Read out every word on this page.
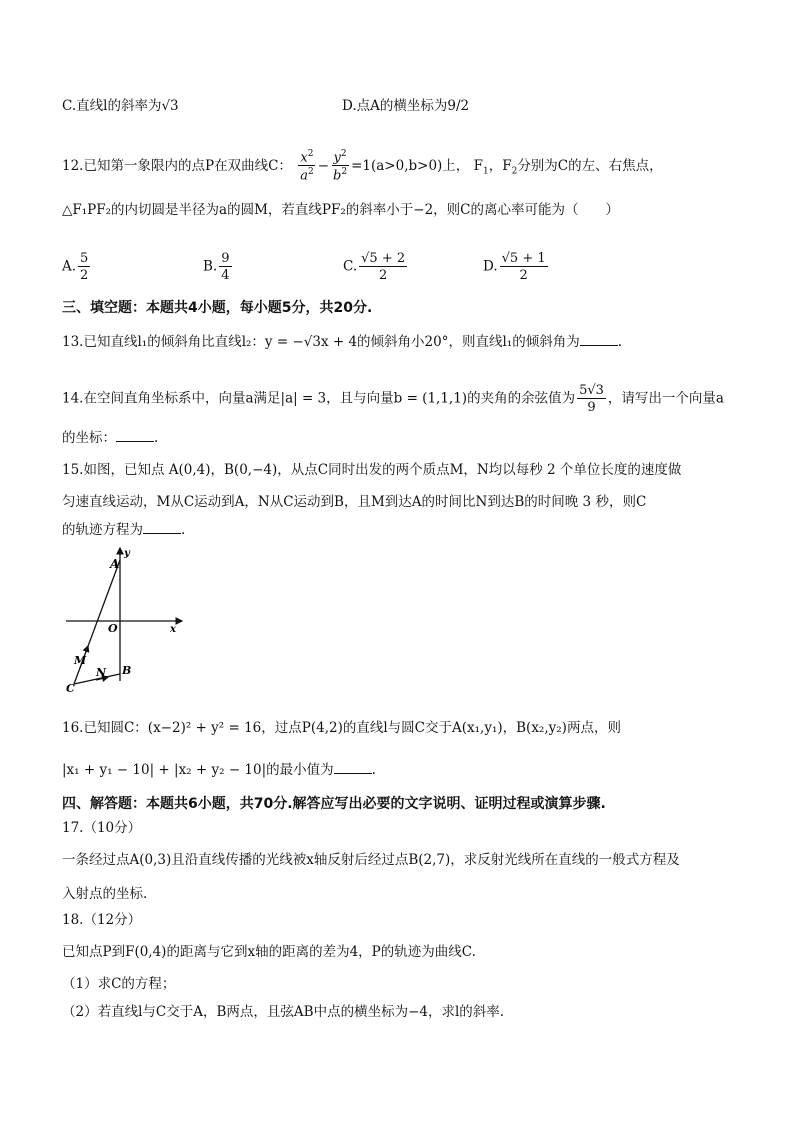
C.直线l的斜率为√3	D.点A的横坐标为9/2
12.已知第一象限内的点P在双曲线C： $\frac{x^2}{a^2} - \frac{y^2}{b^2} =1(a>0,b>0)$上， $F_1$，$F_2$分别为C的左、右焦点，
△F₁PF₂的内切圆是半径为a的圆M，若直线PF₂的斜率小于−2，则C的离心率可能为（　　）
A. $\frac{5}{2}$	B. $\frac{9}{4}$	C. $\frac{√5 + 2}{2}$	D. $\frac{√5 + 1}{2}$
三、填空题：本题共4小题，每小题5分，共20分.
13.已知直线l₁的倾斜角比直线l₂：y = −√3x + 4的倾斜角小20°，则直线l₁的倾斜角为	.
14.在空间直角坐标系中，向量a满足|a| = 3，且与向量b = (1,1,1)的夹角的余弦值为 $\frac{5√3}{9}$ ，请写出一个向量a
的坐标：	.
15.如图，已知点 A(0,4)，B(0,−4)，从点C同时出发的两个质点M，N均以每秒 2 个单位长度的速度做
匀速直线运动，M从C运动到A，N从C运动到B，且M到达A的时间比N到达B的时间晚 3 秒，则C
的轨迹方程为	.
A
y
O	x
M
N B
C
16.已知圆C：(x−2)² + y² = 16，过点P(4,2)的直线l与圆C交于A(x₁,y₁)，B(x₂,y₂)两点，则
|x₁ + y₁ − 10| + |x₂ + y₂ − 10|的最小值为	.
四、解答题：本题共6小题，共70分.解答应写出必要的文字说明、证明过程或演算步骤.
17.（10分）
一条经过点A(0,3)且沿直线传播的光线被x轴反射后经过点B(2,7)，求反射光线所在直线的一般式方程及
入射点的坐标.
18.（12分）
已知点P到F(0,4)的距离与它到x轴的距离的差为4，P的轨迹为曲线C.
（1）求C的方程；
（2）若直线l与C交于A，B两点，且弦AB中点的横坐标为−4，求l的斜率.
